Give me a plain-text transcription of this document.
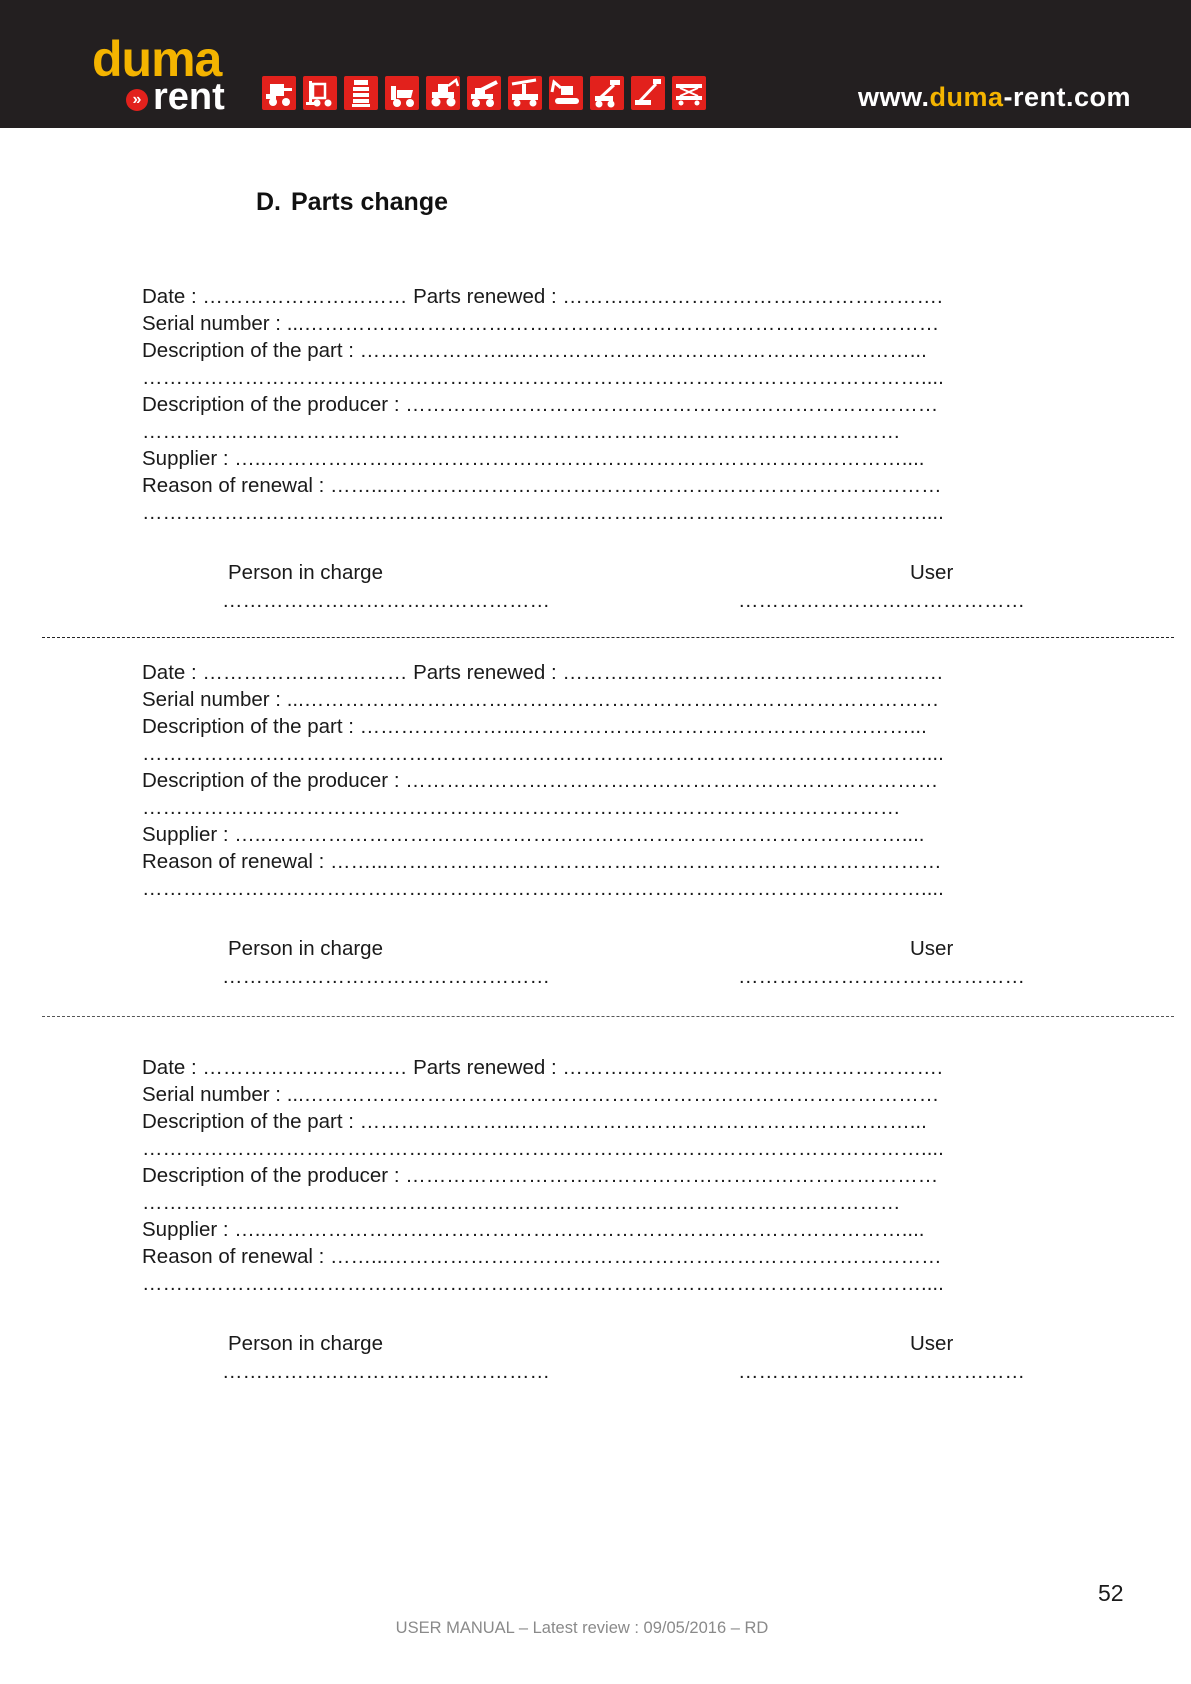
duma
» rent	www.duma-rent.com
D. Parts change
Date : ………………………… Parts renewed : ……….……………………………………….
Serial number : ...…………………………………………………………………………………
Description of the part : …………………...…………………………………………………...
……………………………………………………………………………………………………....
Description of the producer : ……………………………………………………………………
…………………………………………………………………………………………………
Supplier : …..…………………………………………………………………………………....
Reason of renewal : ……...………………………………………………………………………
……………………………………………………………………………………………………....
Person in charge
…………………………………………
User
……………………………………
Date : ………………………… Parts renewed : ……….……………………………………….
Serial number : ...…………………………………………………………………………………
Description of the part : …………………...…………………………………………………...
……………………………………………………………………………………………………....
Description of the producer : ……………………………………………………………………
…………………………………………………………………………………………………
Supplier : …..…………………………………………………………………………………....
Reason of renewal : ……...………………………………………………………………………
……………………………………………………………………………………………………....
Person in charge
…………………………………………
User
……………………………………
Date : ………………………… Parts renewed : ……….……………………………………….
Serial number : ...…………………………………………………………………………………
Description of the part : …………………...…………………………………………………...
……………………………………………………………………………………………………....
Description of the producer : ……………………………………………………………………
…………………………………………………………………………………………………
Supplier : …..…………………………………………………………………………………....
Reason of renewal : ……...………………………………………………………………………
……………………………………………………………………………………………………....
Person in charge
…………………………………………
User
……………………………………
52
USER MANUAL – Latest review : 09/05/2016 – RD
